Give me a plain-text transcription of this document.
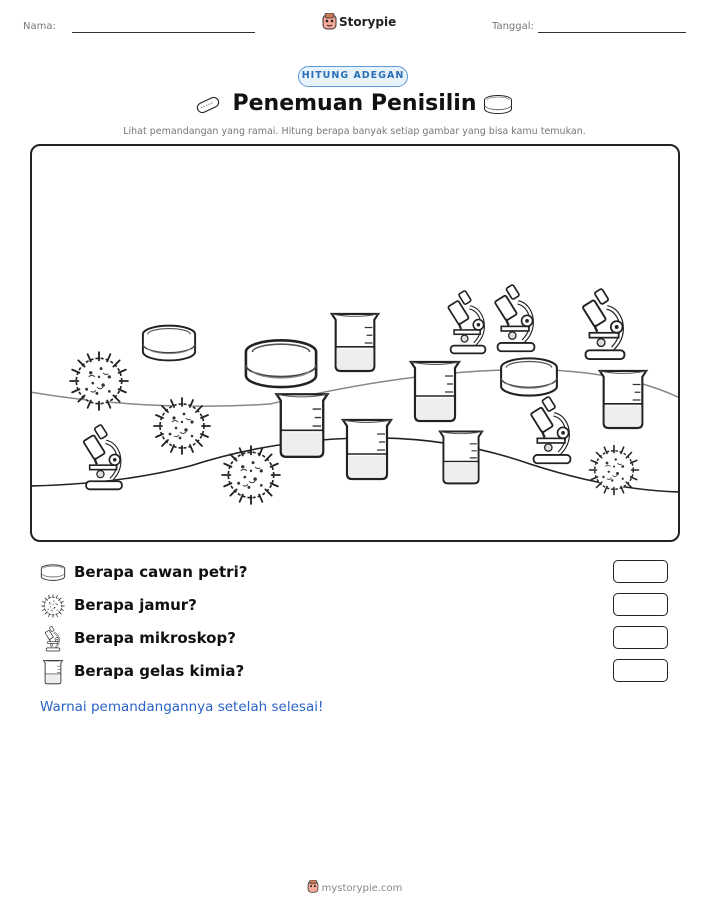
Nama:	Storypie	Tanggal:
HITUNG ADEGAN
Penemuan Penisilin
Lihat pemandangan yang ramai. Hitung berapa banyak setiap gambar yang bisa kamu temukan.
Berapa cawan petri?
Berapa jamur?
Berapa mikroskop?
Berapa gelas kimia?
Warnai pemandangannya setelah selesai!
mystorypie.com
